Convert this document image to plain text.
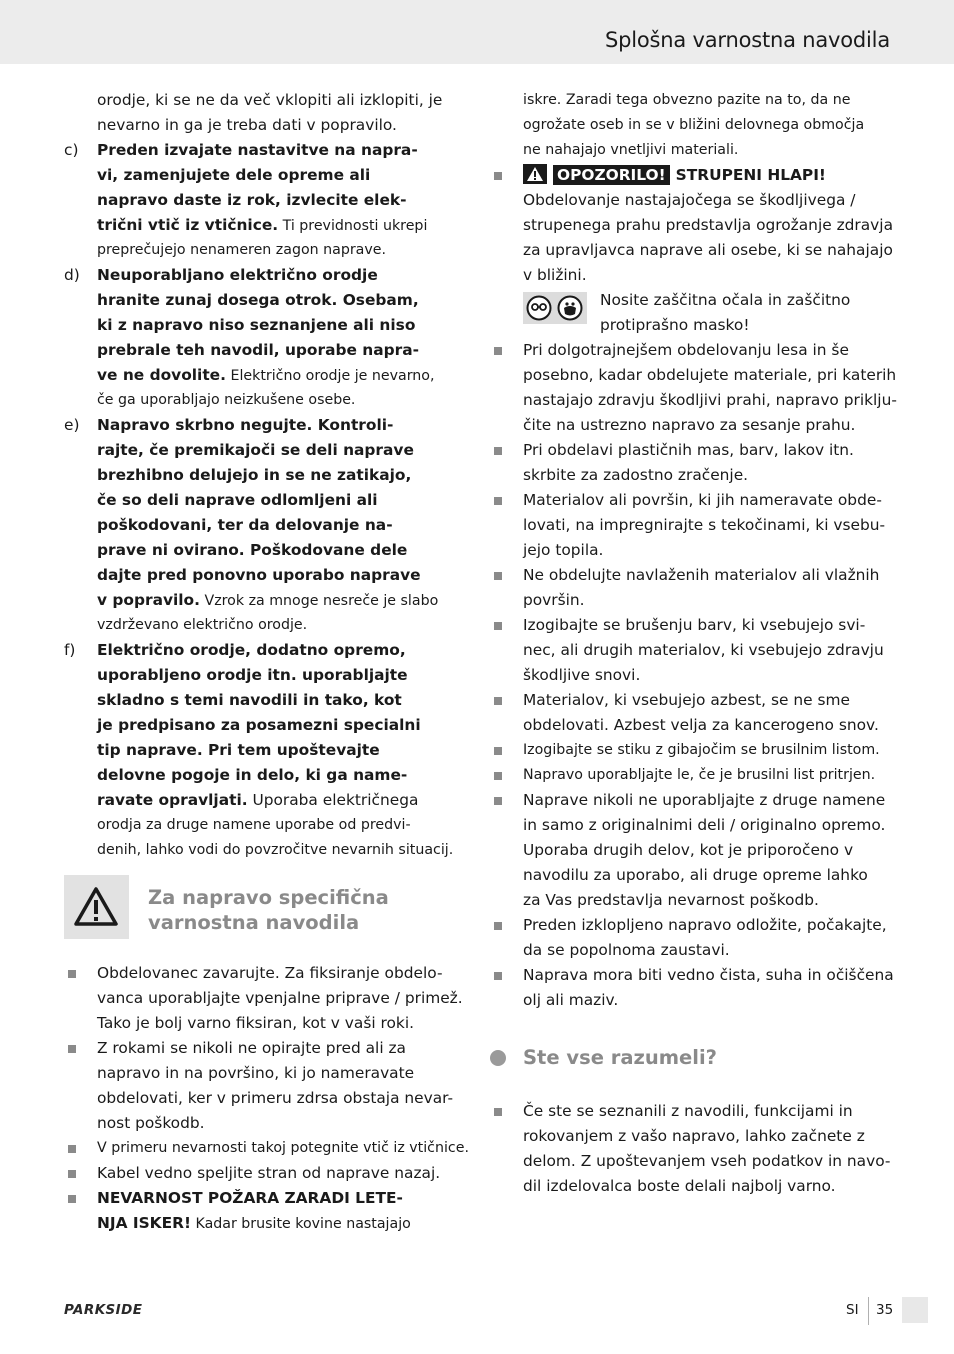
Splošna varnostna navodila
orodje, ki se ne da več vklopiti ali izklopiti, je
nevarno in ga je treba dati v popravilo.
c) Preden izvajate nastavitve na napra-
vi, zamenjujete dele opreme ali
napravo daste iz rok, izvlecite elek-
trični vtič iz vtičnice. Ti previdnosti ukrepi
preprečujejo nenameren zagon naprave.
d) Neuporabljano električno orodje
hranite zunaj dosega otrok. Osebam,
ki z napravo niso seznanjene ali niso
prebrale teh navodil, uporabe napra-
ve ne dovolite. Električno orodje je nevarno,
če ga uporabljajo neizkušene osebe.
e) Napravo skrbno negujte. Kontroli-
rajte, če premikajoči se deli naprave
brezhibno delujejo in se ne zatikajo,
če so deli naprave odlomljeni ali
poškodovani, ter da delovanje na-
prave ni ovirano. Poškodovane dele
dajte pred ponovno uporabo naprave
v popravilo. Vzrok za mnoge nesreče je slabo
vzdrževano električno orodje.
f) Električno orodje, dodatno opremo,
uporabljeno orodje itn. uporabljajte
skladno s temi navodili in tako, kot
je predpisano za posamezni specialni
tip naprave. Pri tem upoštevajte
delovne pogoje in delo, ki ga name-
ravate opravljati. Uporaba električnega
orodja za druge namene uporabe od predvi-
denih, lahko vodi do povzročitve nevarnih situacij.
Za napravo specifična
varnostna navodila
Obdelovanec zavarujte. Za fiksiranje obdelo-
vanca uporabljajte vpenjalne priprave / primež.
Tako je bolj varno fiksiran, kot v vaši roki.
Z rokami se nikoli ne opirajte pred ali za
napravo in na površino, ki jo nameravate
obdelovati, ker v primeru zdrsa obstaja nevar-
nost poškodb.
V primeru nevarnosti takoj potegnite vtič iz vtičnice.
Kabel vedno speljite stran od naprave nazaj.
NEVARNOST POŽARA ZARADI LETE-
NJA ISKER! Kadar brusite kovine nastajajo
iskre. Zaradi tega obvezno pazite na to, da ne
ogrožate oseb in se v bližini delovnega območja
ne nahajajo vnetljivi materiali.
OPOZORILO! STRUPENI HLAPI!
Obdelovanje nastajajočega se škodljivega /
strupenega prahu predstavlja ogrožanje zdravja
za upravljavca naprave ali osebe, ki se nahajajo
v bližini.
Nosite zaščitna očala in zaščitno
protiprašno masko!
Pri dolgotrajnejšem obdelovanju lesa in še
posebno, kadar obdelujete materiale, pri katerih
nastajajo zdravju škodljivi prahi, napravo priklju-
čite na ustrezno napravo za sesanje prahu.
Pri obdelavi plastičnih mas, barv, lakov itn.
skrbite za zadostno zračenje.
Materialov ali površin, ki jih nameravate obde-
lovati, na impregnirajte s tekočinami, ki vsebu-
jejo topila.
Ne obdelujte navlaženih materialov ali vlažnih
površin.
Izogibajte se brušenju barv, ki vsebujejo svi-
nec, ali drugih materialov, ki vsebujejo zdravju
škodljive snovi.
Materialov, ki vsebujejo azbest, se ne sme
obdelovati. Azbest velja za kancerogeno snov.
Izogibajte se stiku z gibajočim se brusilnim listom.
Napravo uporabljajte le, če je brusilni list pritrjen.
Naprave nikoli ne uporabljajte z druge namene
in samo z originalnimi deli / originalno opremo.
Uporaba drugih delov, kot je priporočeno v
navodilu za uporabo, ali druge opreme lahko
za Vas predstavlja nevarnost poškodb.
Preden izklopljeno napravo odložite, počakajte,
da se popolnoma zaustavi.
Naprava mora biti vedno čista, suha in očiščena
olj ali maziv.
Ste vse razumeli?
Če ste se seznanili z navodili, funkcijami in
rokovanjem z vašo napravo, lahko začnete z
delom. Z upoštevanjem vseh podatkov in navo-
dil izdelovalca boste delali najbolj varno.
PARKSIDE	SI 35
